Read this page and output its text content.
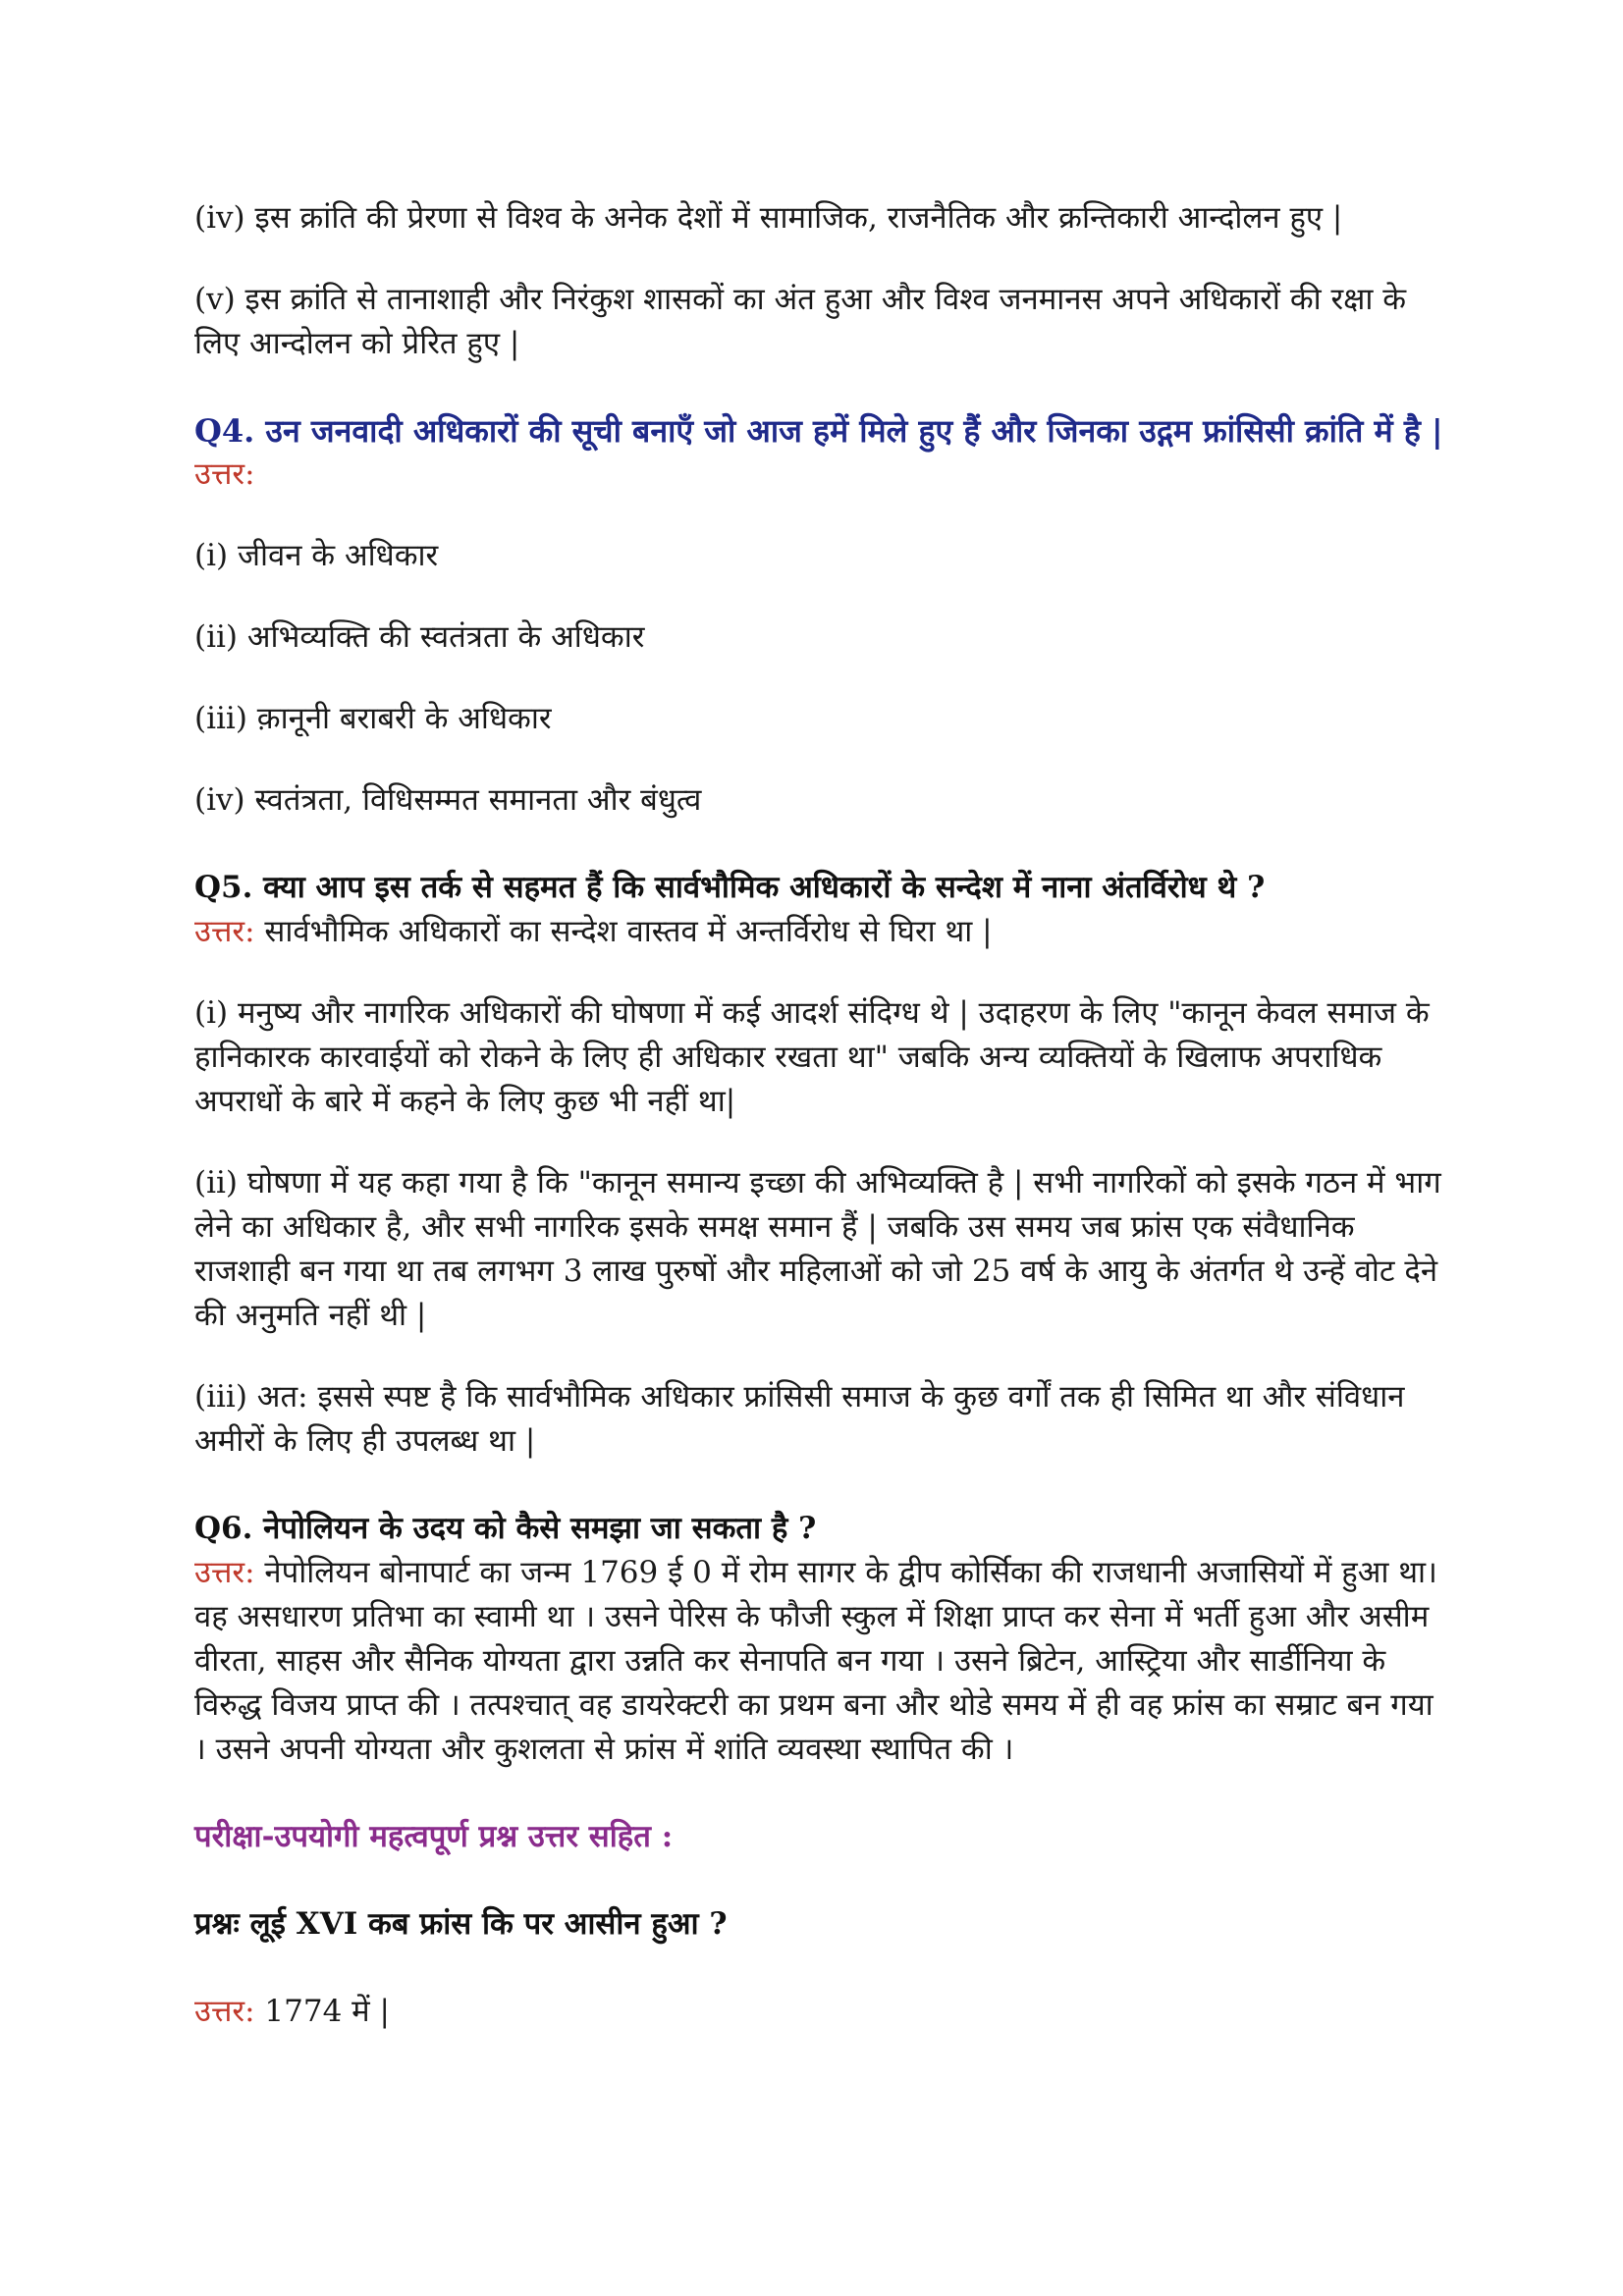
(iv) इस क्रांति की प्रेरणा से विश्व के अनेक देशों में सामाजिक, राजनैतिक और क्रन्तिकारी आन्दोलन हुए |

(v) इस क्रांति से तानाशाही और निरंकुश शासकों का अंत हुआ और विश्व जनमानस अपने अधिकारों की रक्षा के लिए आन्दोलन को प्रेरित हुए |

Q4. उन जनवादी अधिकारों की सूची बनाएँ जो आज हमें मिले हुए हैं और जिनका उद्गम फ्रांसिसी क्रांति में है |

उत्तर:

(i) जीवन के अधिकार

(ii) अभिव्यक्ति की स्वतंत्रता के अधिकार

(iii) क़ानूनी बराबरी के अधिकार

(iv) स्वतंत्रता, विधिसम्मत समानता और बंधुत्व

Q5. क्या आप इस तर्क से सहमत हैं कि सार्वभौमिक अधिकारों के सन्देश में नाना अंतर्विरोध थे ?

उत्तर: सार्वभौमिक अधिकारों का सन्देश वास्तव में अन्तर्विरोध से घिरा था |

(i) मनुष्य और नागरिक अधिकारों की घोषणा में कई आदर्श संदिग्ध थे | उदाहरण के लिए "कानून केवल समाज के हानिकारक कारवाईयों को रोकने के लिए ही अधिकार रखता था" जबकि अन्य व्यक्तियों के खिलाफ अपराधिक अपराधों के बारे में कहने के लिए कुछ भी नहीं था|

(ii) घोषणा में यह कहा गया है कि "कानून समान्य इच्छा की अभिव्यक्ति है | सभी नागरिकों को इसके गठन में भाग लेने का अधिकार है, और सभी नागरिक इसके समक्ष समान हैं | जबकि उस समय जब फ्रांस एक संवैधानिक राजशाही बन गया था तब लगभग 3 लाख पुरुषों और महिलाओं को जो 25 वर्ष के आयु के अंतर्गत थे उन्हें वोट देने की अनुमति नहीं थी |

(iii) अत: इससे स्पष्ट है कि सार्वभौमिक अधिकार फ्रांसिसी समाज के कुछ वर्गों तक ही सिमित था और संविधान अमीरों के लिए ही उपलब्ध था |

Q6. नेपोलियन के उदय को कैसे समझा जा सकता है ?

उत्तर: नेपोलियन बोनापार्ट का जन्म 1769 ई 0 में रोम सागर के द्वीप कोर्सिका की राजधानी अजासियों में हुआ था। वह असधारण प्रतिभा का स्वामी था । उसने पेरिस के फौजी स्कुल में शिक्षा प्राप्त कर सेना में भर्ती हुआ और असीम वीरता, साहस और सैनिक योग्यता द्वारा उन्नति कर सेनापति बन गया । उसने ब्रिटेन, आस्ट्रिया और सार्डीनिया के विरुद्ध विजय प्राप्त की । तत्पश्चात् वह डायरेक्टरी का प्रथम बना और थोडे समय में ही वह फ्रांस का सम्राट बन गया । उसने अपनी योग्यता और कुशलता से फ्रांस में शांति व्यवस्था स्थापित की ।

परीक्षा-उपयोगी महत्वपूर्ण प्रश्न उत्तर सहित :

प्रश्नः लूई XVI कब फ्रांस कि पर आसीन हुआ ?

उत्तर: 1774 में |
